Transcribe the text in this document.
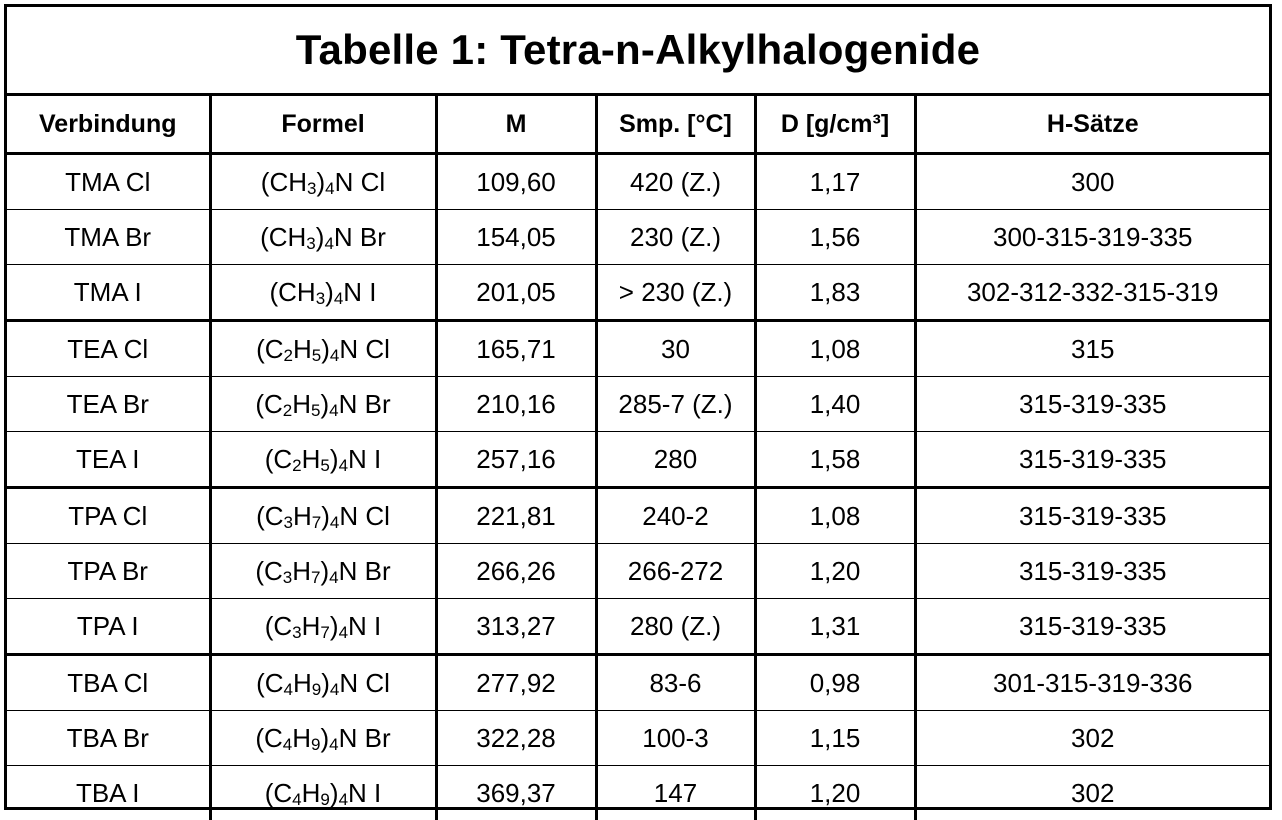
Tabelle 1: Tetra-n-Alkylhalogenide
Verbindung	Formel	M	Smp. [°C]	D [g/cm³]	H-Sätze
TMA Cl	(CH3)4N Cl	109,60	420 (Z.)	1,17	300
TMA Br	(CH3)4N Br	154,05	230 (Z.)	1,56	300-315-319-335
TMA I	(CH3)4N I	201,05	> 230 (Z.)	1,83	302-312-332-315-319
TEA Cl	(C2H5)4N Cl	165,71	30	1,08	315
TEA Br	(C2H5)4N Br	210,16	285-7 (Z.)	1,40	315-319-335
TEA I	(C2H5)4N I	257,16	280	1,58	315-319-335
TPA Cl	(C3H7)4N Cl	221,81	240-2	1,08	315-319-335
TPA Br	(C3H7)4N Br	266,26	266-272	1,20	315-319-335
TPA I	(C3H7)4N I	313,27	280 (Z.)	1,31	315-319-335
TBA Cl	(C4H9)4N Cl	277,92	83-6	0,98	301-315-319-336
TBA Br	(C4H9)4N Br	322,28	100-3	1,15	302
TBA I	(C4H9)4N I	369,37	147	1,20	302
